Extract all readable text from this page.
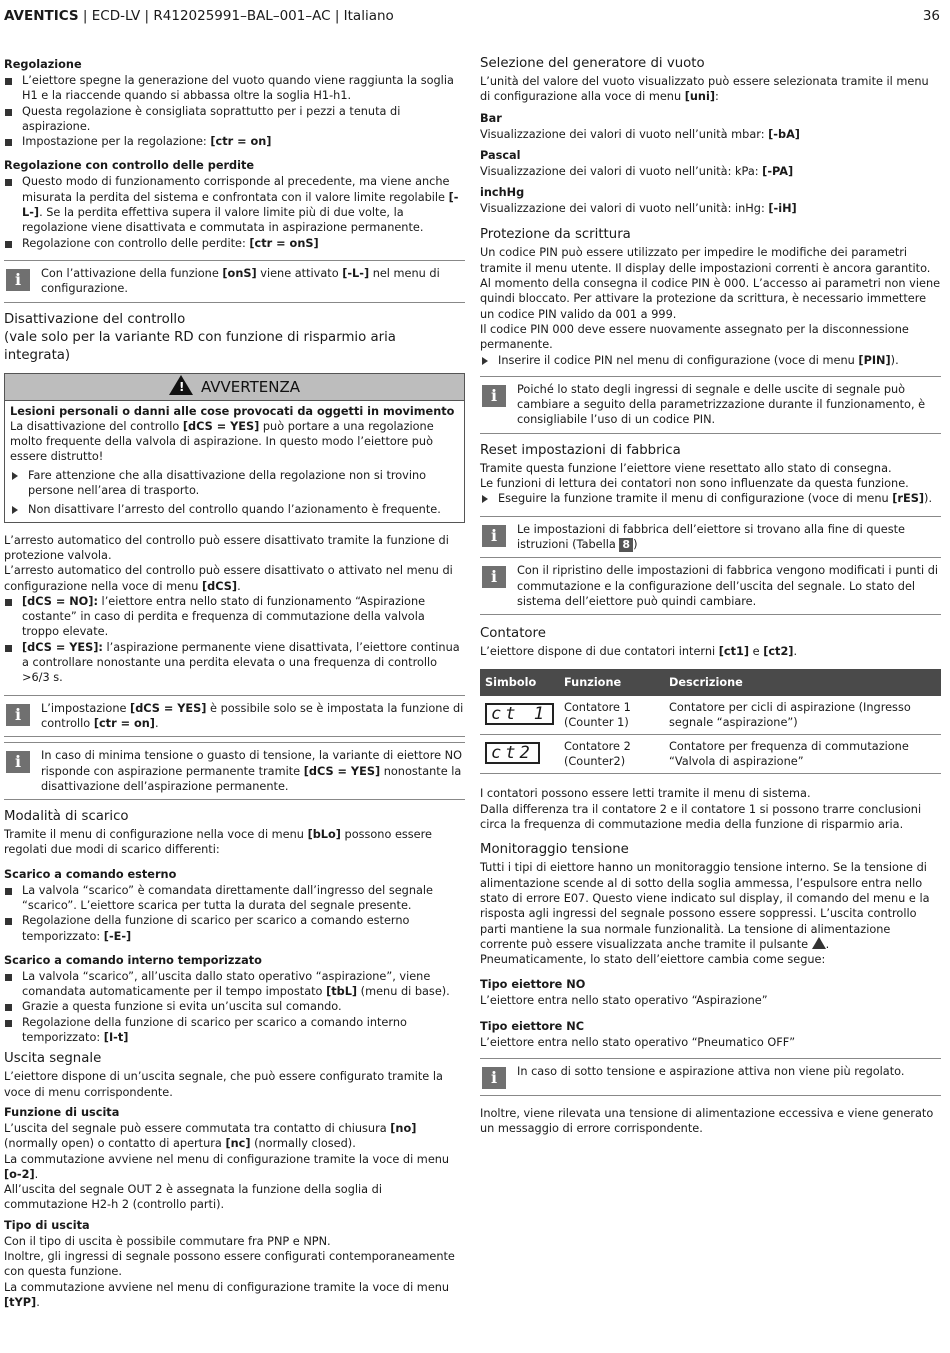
AVENTICS | ECD-LV | R412025991–BAL–001–AC | Italiano	36
Regolazione
L’eiettore spegne la generazione del vuoto quando viene raggiunta la soglia H1 e la riaccende quando si abbassa oltre la soglia H1-h1.
Questa regolazione è consigliata soprattutto per i pezzi a tenuta di aspirazione.
Impostazione per la regolazione: [ctr = on]
Regolazione con controllo delle perdite
Questo modo di funzionamento corrisponde al precedente, ma viene anche misurata la perdita del sistema e confrontata con il valore limite regolabile [-L-]. Se la perdita effettiva supera il valore limite più di due volte, la regolazione viene disattivata e commutata in aspirazione permanente.
Regolazione con controllo delle perdite: [ctr = onS]
i	Con l’attivazione della funzione [onS] viene attivato [-L-] nel menu di configurazione.
Disattivazione del controllo
(vale solo per la variante RD con funzione di risparmio aria integrata)
!AVVERTENZA
Lesioni personali o danni alle cose provocati da oggetti in movimento

La disattivazione del controllo [dCS = YES] può portare a una regolazione molto frequente della valvola di aspirazione. In questo modo l’eiettore può essere distrutto!

Fare attenzione che alla disattivazione della regolazione non si trovino persone nell’area di trasporto.
Non disattivare l’arresto del controllo quando l’azionamento è frequente.

L’arresto automatico del controllo può essere disattivato tramite la funzione di protezione valvola.

L’arresto automatico del controllo può essere disattivato o attivato nel menu di configurazione nella voce di menu [dCS].

[dCS = NO]: l’eiettore entra nello stato di funzionamento “Aspirazione costante” in caso di perdita e frequenza di commutazione della valvola troppo elevate.
[dCS = YES]: l’aspirazione permanente viene disattivata, l’eiettore continua a controllare nonostante una perdita elevata o una frequenza di controllo >6/3 s.
i	L’impostazione [dCS = YES] è possibile solo se è impostata la funzione di controllo [ctr = on].
i	In caso di minima tensione o guasto di tensione, la variante di eiettore NO risponde con aspirazione permanente tramite [dCS = YES] nonostante la disattivazione dell’aspirazione permanente.
Modalità di scarico

Tramite il menu di configurazione nella voce di menu [bLo] possono essere regolati due modi di scarico differenti:

Scarico a comando esterno
La valvola “scarico” è comandata direttamente dall’ingresso del segnale “scarico”. L’eiettore scarica per tutta la durata del segnale presente.
Regolazione della funzione di scarico per scarico a comando esterno temporizzato: [-E-]
Scarico a comando interno temporizzato
La valvola “scarico”, all’uscita dallo stato operativo “aspirazione”, viene comandata automaticamente per il tempo impostato [tbL] (menu di base).
Grazie a questa funzione si evita un’uscita sul comando.
Regolazione della funzione di scarico per scarico a comando interno temporizzato: [I-t]
Uscita segnale

L’eiettore dispone di un’uscita segnale, che può essere configurato tramite la voce di menu corrispondente.

Funzione di uscita

L’uscita del segnale può essere commutata tra contatto di chiusura [no] (normally open) o contatto di apertura [nc] (normally closed).

La commutazione avviene nel menu di configurazione tramite la voce di menu [o-2].

All’uscita del segnale OUT 2 è assegnata la funzione della soglia di commutazione H2-h 2 (controllo parti).

Tipo di uscita

Con il tipo di uscita è possibile commutare fra PNP e NPN.

Inoltre, gli ingressi di segnale possono essere configurati contemporaneamente con questa funzione.

La commutazione avviene nel menu di configurazione tramite la voce di menu [tYP].

Selezione del generatore di vuoto

L’unità del valore del vuoto visualizzato può essere selezionata tramite il menu di configurazione alla voce di menu [uni]:

Bar

Visualizzazione dei valori di vuoto nell’unità mbar: [-bA]

Pascal

Visualizzazione dei valori di vuoto nell’unità: kPa: [-PA]

inchHg

Visualizzazione dei valori di vuoto nell’unità: inHg: [-iH]

Protezione da scrittura

Un codice PIN può essere utilizzato per impedire le modifiche dei parametri tramite il menu utente. Il display delle impostazioni correnti è ancora garantito.

Al momento della consegna il codice PIN è 000. L’accesso ai parametri non viene quindi bloccato. Per attivare la protezione da scrittura, è necessario immettere un codice PIN valido da 001 a 999.

Il codice PIN 000 deve essere nuovamente assegnato per la disconnessione permanente.

Inserire il codice PIN nel menu di configurazione (voce di menu [PIN]).
i	Poiché lo stato degli ingressi di segnale e delle uscite di segnale può cambiare a seguito della parametrizzazione durante il funzionamento, è consigliabile l’uso di un codice PIN.
Reset impostazioni di fabbrica

Tramite questa funzione l’eiettore viene resettato allo stato di consegna.

Le funzioni di lettura dei contatori non sono influenzate da questa funzione.

Eseguire la funzione tramite il menu di configurazione (voce di menu [rES]).
i	Le impostazioni di fabbrica dell’eiettore si trovano alla fine di queste istruzioni (Tabella 8 )
i	Con il ripristino delle impostazioni di fabbrica vengono modificati i punti di commutazione e la configurazione dell’uscita del segnale. Lo stato del sistema dell’eiettore può quindi cambiare.
Contatore

L’eiettore dispone di due contatori interni [ct1] e [ct2].

Simbolo	Funzione	Descrizione
ct 1	Contatore 1 (Counter 1)	Contatore per cicli di aspirazione (Ingresso segnale “aspirazione”)
ct2	Contatore 2 (Counter2)	Contatore per frequenza di commutazione “Valvola di aspirazione”

I contatori possono essere letti tramite il menu di sistema.

Dalla differenza tra il contatore 2 e il contatore 1 si possono trarre conclusioni circa la frequenza di commutazione media della funzione di risparmio aria.

Monitoraggio tensione

Tutti i tipi di eiettore hanno un monitoraggio tensione interno. Se la tensione di alimentazione scende al di sotto della soglia ammessa, l’espulsore entra nello stato di errore E07. Questo viene indicato sul display, il comando del menu e la risposta agli ingressi del segnale possono essere soppressi. L’uscita controllo parti mantiene la sua normale funzionalità. La tensione di alimentazione corrente può essere visualizzata anche tramite il pulsante .

Pneumaticamente, lo stato dell’eiettore cambia come segue:

Tipo eiettore NO

L’eiettore entra nello stato operativo “Aspirazione”

Tipo eiettore NC

L’eiettore entra nello stato operativo “Pneumatico OFF”

i	In caso di sotto tensione e aspirazione attiva non viene più regolato.

Inoltre, viene rilevata una tensione di alimentazione eccessiva e viene generato un messaggio di errore corrispondente.
